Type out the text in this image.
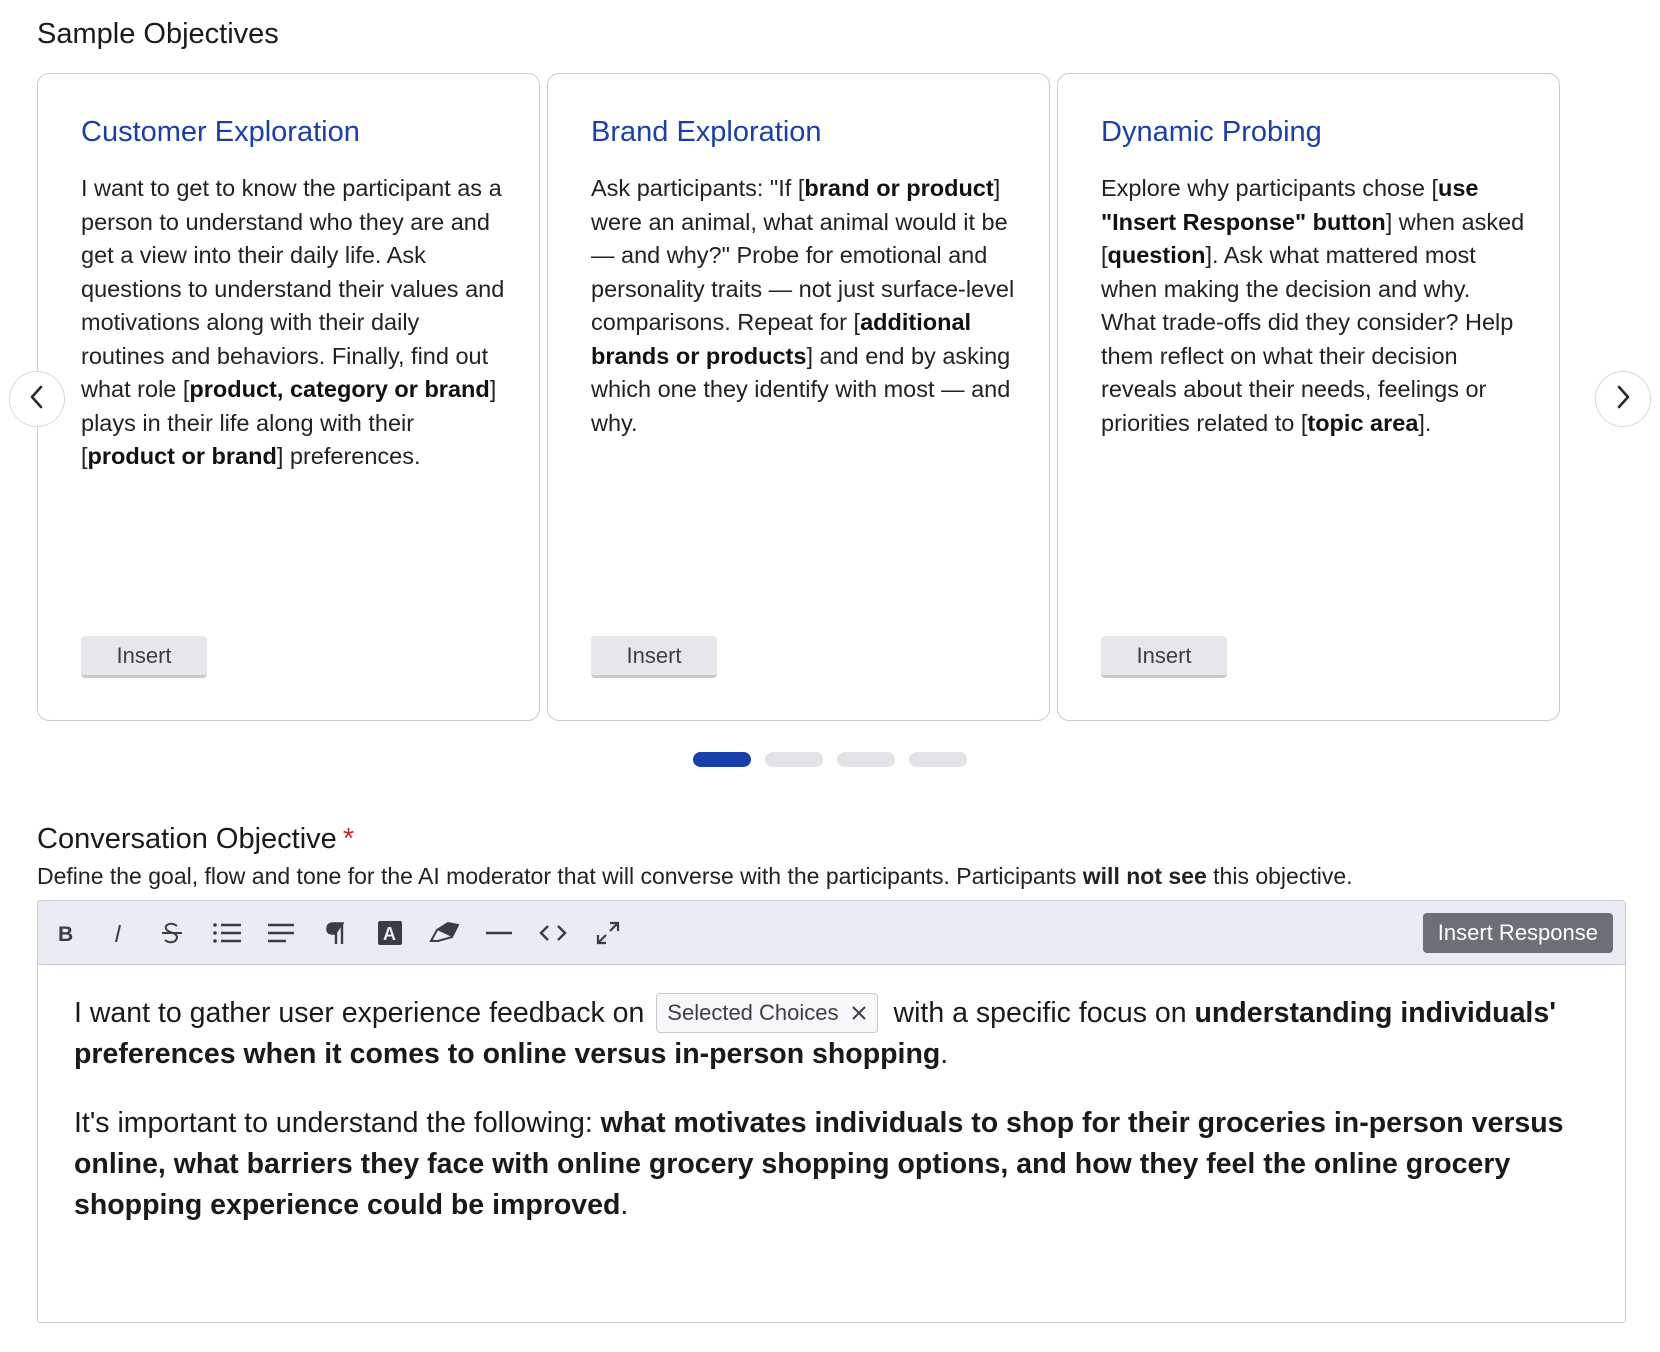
Sample Objectives
Customer Exploration
I want to get to know the participant as a person to understand who they are and get a view into their daily life. Ask questions to understand their values and motivations along with their daily routines and behaviors. Finally, find out what role [product, category or brand] plays in their life along with their [product or brand] preferences.
Insert
Brand Exploration
Ask participants: "If [brand or product] were an animal, what animal would it be — and why?" Probe for emotional and personality traits — not just surface-level comparisons. Repeat for [additional brands or products] and end by asking which one they identify with most — and why.
Insert
Dynamic Probing
Explore why participants chose [use "Insert Response" button] when asked [question]. Ask what mattered most when making the decision and why. What trade-offs did they consider? Help them reflect on what their decision reveals about their needs, feelings or priorities related to [topic area].
Insert
Conversation Objective *
Define the goal, flow and tone for the AI moderator that will converse with the participants. Participants will not see this objective.
B	A	Insert Response

I want to gather user experience feedback on Selected Choices with a specific focus on understanding individuals' preferences when it comes to online versus in-person shopping.

It's important to understand the following: what motivates individuals to shop for their groceries in-person versus online, what barriers they face with online grocery shopping options, and how they feel the online grocery shopping experience could be improved.
